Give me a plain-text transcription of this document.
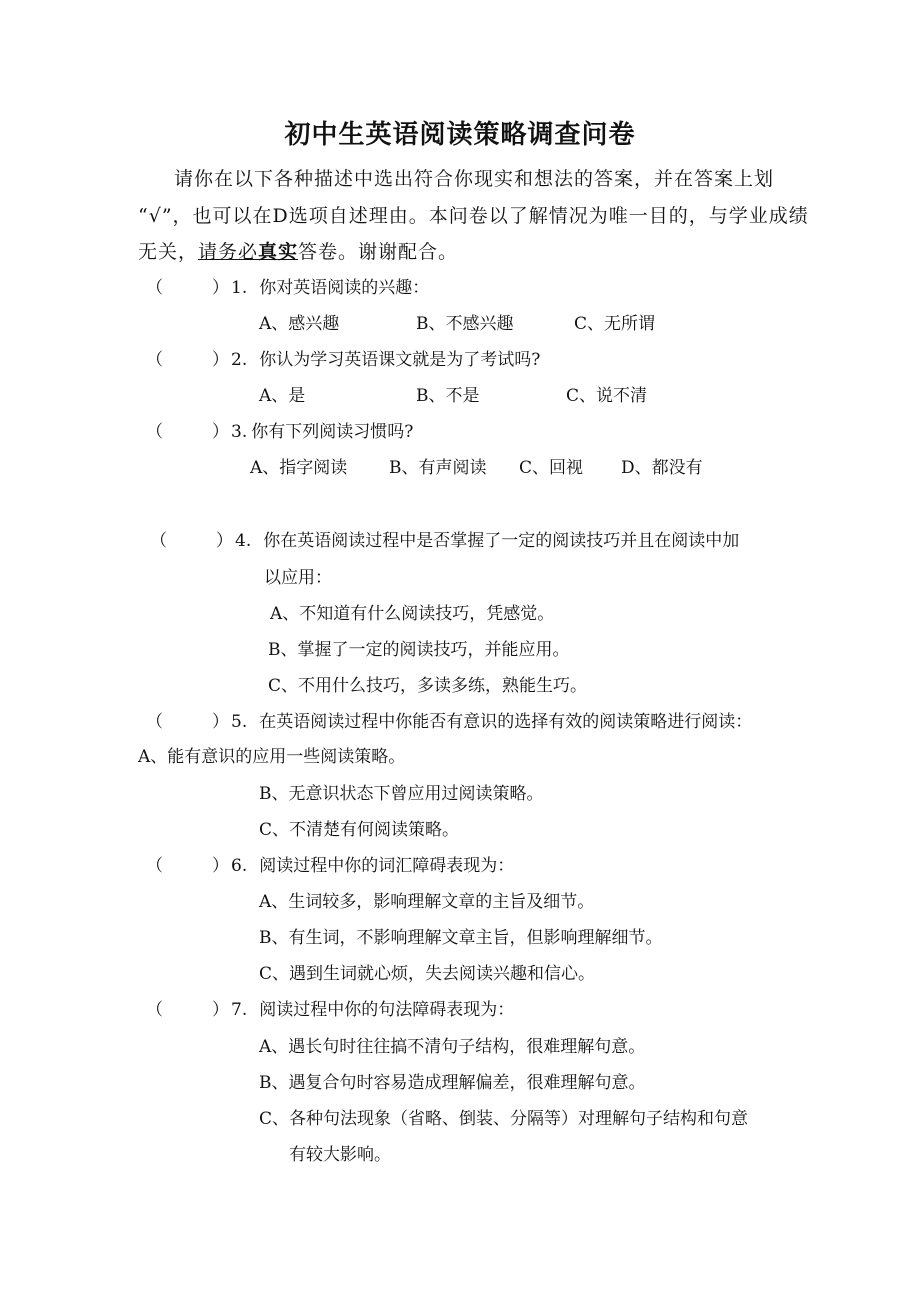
初中生英语阅读策略调查问卷
请你在以下各种描述中选出符合你现实和想法的答案，并在答案上划
“√”，也可以在D选项自述理由。本问卷以了解情况为唯一目的，与学业成绩
无关，请务必真实答卷。谢谢配合。
（	） 1. 你对英语阅读的兴趣：
A、感兴趣	B、不感兴趣	C、无所谓
（	） 2. 你认为学习英语课文就是为了考试吗?
A、是	B、不是	C、说不清
（	） 3. 你有下列阅读习惯吗?
A、指字阅读 B、有声阅读 C、回视 D、都没有
（	） 4. 你在英语阅读过程中是否掌握了一定的阅读技巧并且在阅读中加
以应用：
A、不知道有什么阅读技巧，凭感觉。
B、掌握了一定的阅读技巧，并能应用。
C、不用什么技巧，多读多练，熟能生巧。
（	） 5. 在英语阅读过程中你能否有意识的选择有效的阅读策略进行阅读：
A、能有意识的应用一些阅读策略。
B、无意识状态下曾应用过阅读策略。
C、不清楚有何阅读策略。
（	） 6. 阅读过程中你的词汇障碍表现为：
A、生词较多，影响理解文章的主旨及细节。
B、有生词，不影响理解文章主旨，但影响理解细节。
C、遇到生词就心烦，失去阅读兴趣和信心。
（	） 7. 阅读过程中你的句法障碍表现为：
A、遇长句时往往搞不清句子结构，很难理解句意。
B、遇复合句时容易造成理解偏差，很难理解句意。
C、各种句法现象（省略、倒装、分隔等）对理解句子结构和句意
有较大影响。
